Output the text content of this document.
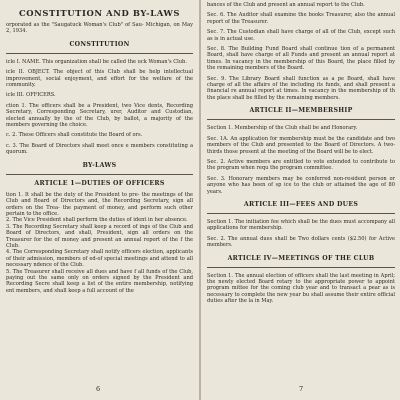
CONSTITUTION AND BY-LAWS

orporated as the "Saugatuck Woman's Club" of Sau- Michigan, on May 2, 1934.

CONSTITUTION

icle I. NAME. This organization shall be called the uck Woman's Club.

icle II. OBJECT. The object of this Club shall be help intellectual improvement, social enjoyment, and effort for the welfare of the community.

icle III. OFFICERS.

ction 1. The officers shall be a President, two Vice dents, Recording Secretary, Corresponding Secretary, urer, Auditor and Custodian, elected annually by the of the Club, by ballot, a majority of the members governing the choice.

c. 2. These Officers shall constitute the Board of ors.

c. 3. The Board of Directors shall meet once e members constituting a quorum.

BY-LAWS
ARTICLE 1—DUTIES OF OFFICERS

tion 1. It shall be the duty of the President to pre- the meetings of the Club and Board of Directors and, the Recording Secretary, sign all orders on the Trea- the payment of money, and perform such other pertain to the office.

2. The Vice President shall perform the duties of ident in her absence.

3. The Recording Secretary shall keep a record of ings of the Club and Board of Directors, and shall, President, sign all orders on the Treasurer for the of money and present an annual report of the f the Club.

4. The Corresponding Secretary shall notify officers election, applicants of their admission, members of ed-of special meetings and attend to all necessary ndence of the Club.

5. The Treasurer shall receive all dues and have f all funds of the Club, paying out the same only on orders signed by the President and Recording Secre shall keep a list of the entire membership, notifying ent members, and shall keep a full account of the

6

bances of the Club and present an annual report to the Club.

Sec. 6. The Auditor shall examine the books Treasurer, also the annual report of the Treasurer.

Sec. 7. The Custodian shall have charge of all of the Club, except such as is in actual use.

Sec. 8. The Building Fund Board shall continue tion of a permanent Board, shall have charge of all Funds and present an annual report at times. In vacancy in the membership of this Board, the place filled by the remaining members of the Board.

Sec. 9. The Library Board shall function as a pe Board, shall have charge of all the affairs of the including its funds, and shall present a financial re annual report at times. In vacancy in the membership of th the place shall be filled by the remaining members.

ARTICLE II—MEMBERSHIP

Section 1. Membership of the Club shall be and Honorary.

Sec. 1A. An application for membership must be the candidate and two members of the Club and presented to the Board of Directors. A two-thirds those present at the meeting of the Board will be to elect.

Sec. 2. Active members are entitled to vote extended to contribute to the program when requ the program committee.

Sec. 3. Honorary members may be conferred non-resident person or anyone who has been of sp ice to the club or attained the age of 80 years.

ARTICLE III—FEES AND DUES

Section 1. The initiation fee which shall be the dues must accompany all applications for membership.

Sec. 2. The annual dues shall be Two dollars cents ($2.50) for Active members.

ARTICLE IV—MEETINGS OF THE CLUB

Section 1. The annual election of officers shall the last meeting in April; the newly elected Board retary to the appropriate power to appoint program mittee for the coming club year and to transact a pear as is necessary to complete the new year bu shall assume their entire official duties after the la in May.

7
